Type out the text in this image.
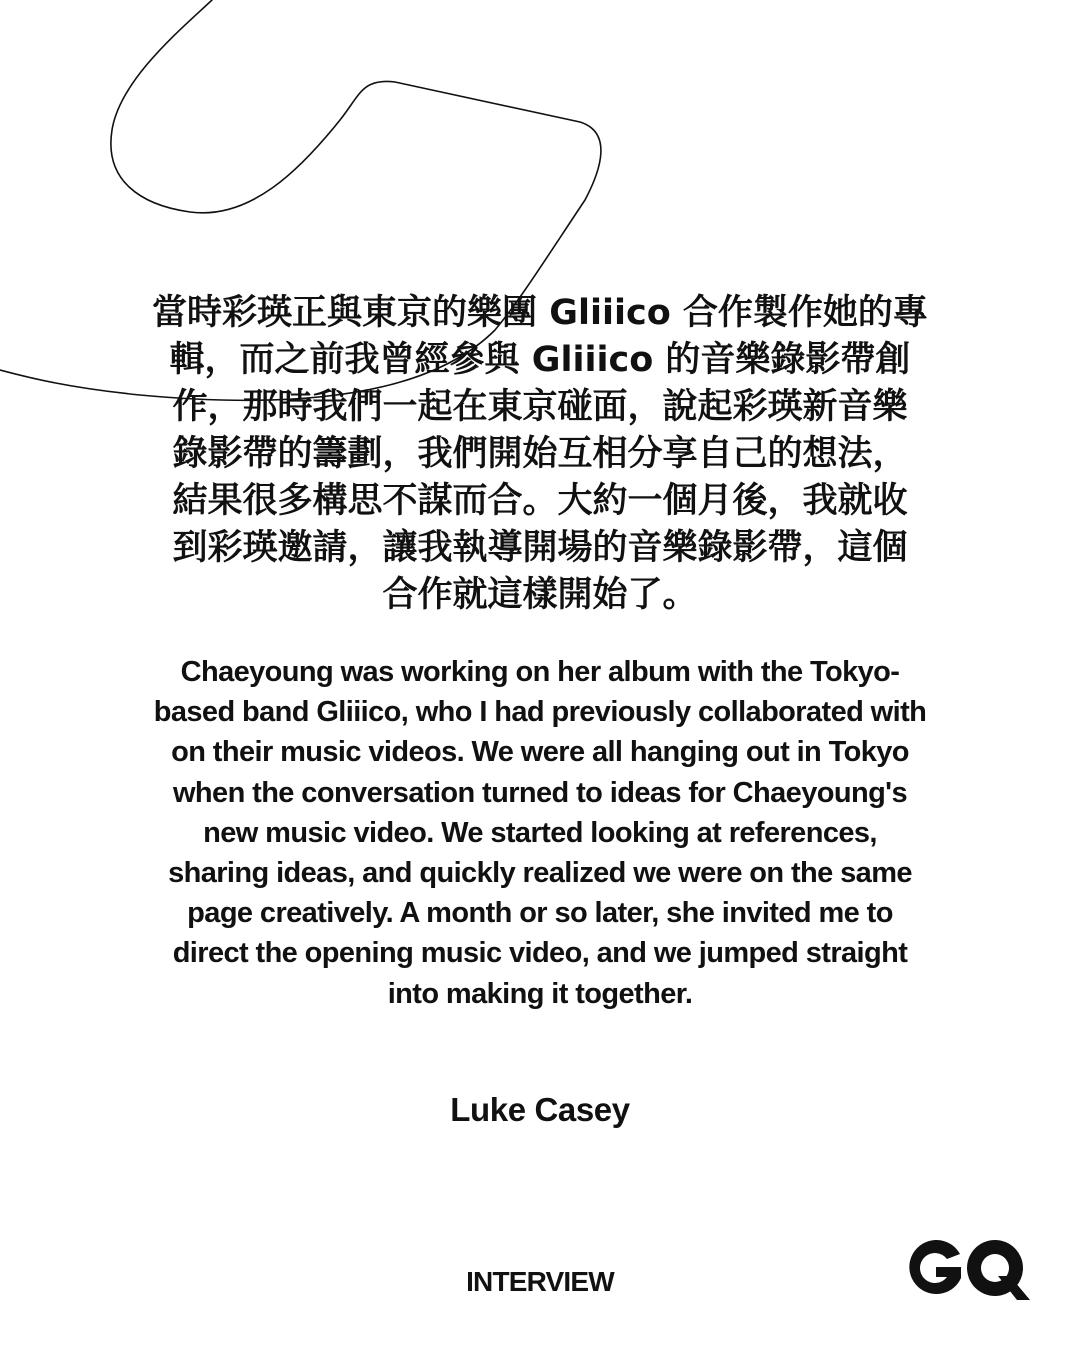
當時彩瑛正與東京的樂團 Gliiico 合作製作她的專
輯，而之前我曾經參與 Gliiico 的音樂錄影帶創
作，那時我們一起在東京碰面，說起彩瑛新音樂
錄影帶的籌劃，我們開始互相分享自己的想法，
結果很多構思不謀而合。大約一個月後，我就收
到彩瑛邀請，讓我執導開場的音樂錄影帶，這個
合作就這樣開始了。

Chaeyoung was working on her album with the Tokyo-
based band Gliiico, who I had previously collaborated with
on their music videos. We were all hanging out in Tokyo
when the conversation turned to ideas for Chaeyoung's
new music video. We started looking at references,
sharing ideas, and quickly realized we were on the same
page creatively. A month or so later, she invited me to
direct the opening music video, and we jumped straight
into making it together.

Luke Casey
INTERVIEW
